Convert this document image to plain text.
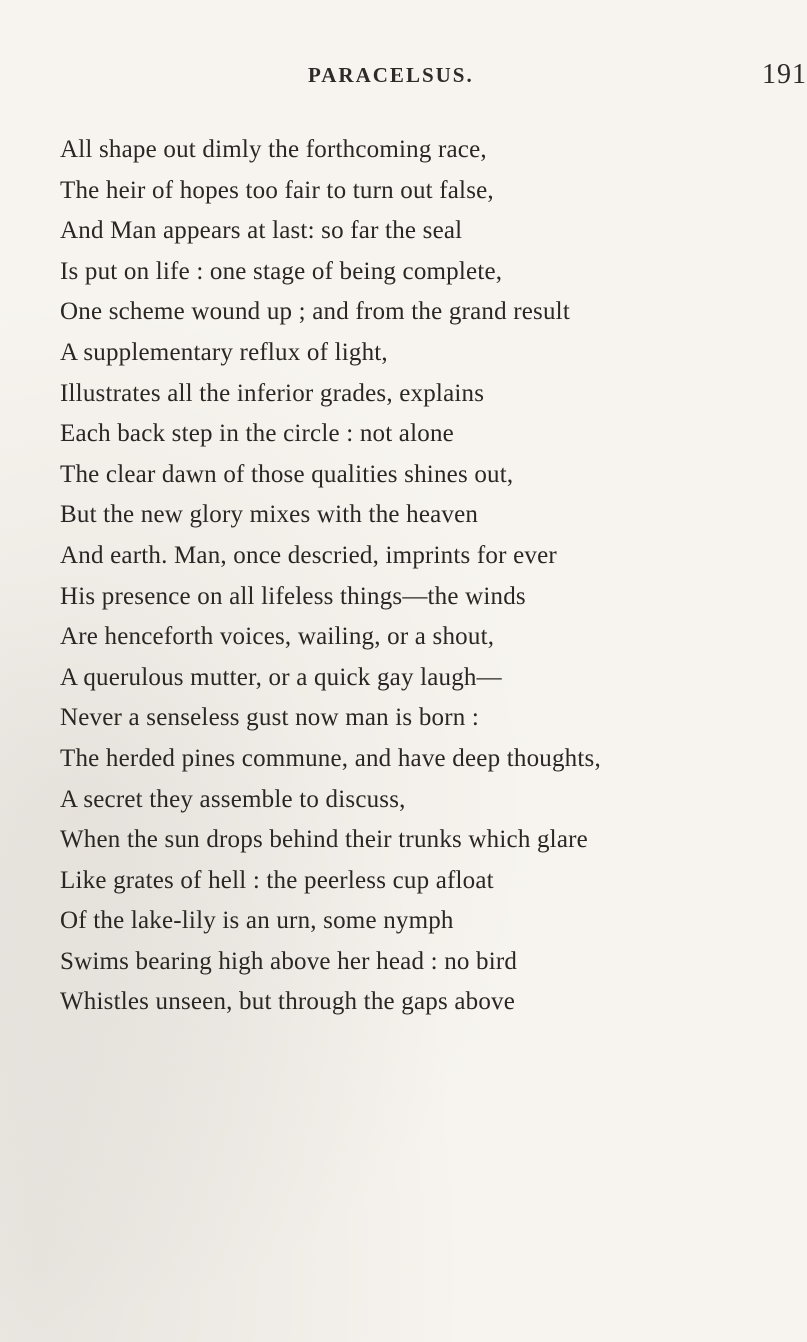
PARACELSUS.	191
All shape out dimly the forthcoming race,
The heir of hopes too fair to turn out false,
And Man appears at last: so far the seal
Is put on life : one stage of being complete,
One scheme wound up ; and from the grand result
A supplementary reflux of light,
Illustrates all the inferior grades, explains
Each back step in the circle : not alone
The clear dawn of those qualities shines out,
But the new glory mixes with the heaven
And earth. Man, once descried, imprints for ever
His presence on all lifeless things—the winds
Are henceforth voices, wailing, or a shout,
A querulous mutter, or a quick gay laugh—
Never a senseless gust now man is born :
The herded pines commune, and have deep thoughts,
A secret they assemble to discuss,
When the sun drops behind their trunks which glare
Like grates of hell : the peerless cup afloat
Of the lake-lily is an urn, some nymph
Swims bearing high above her head : no bird
Whistles unseen, but through the gaps above
